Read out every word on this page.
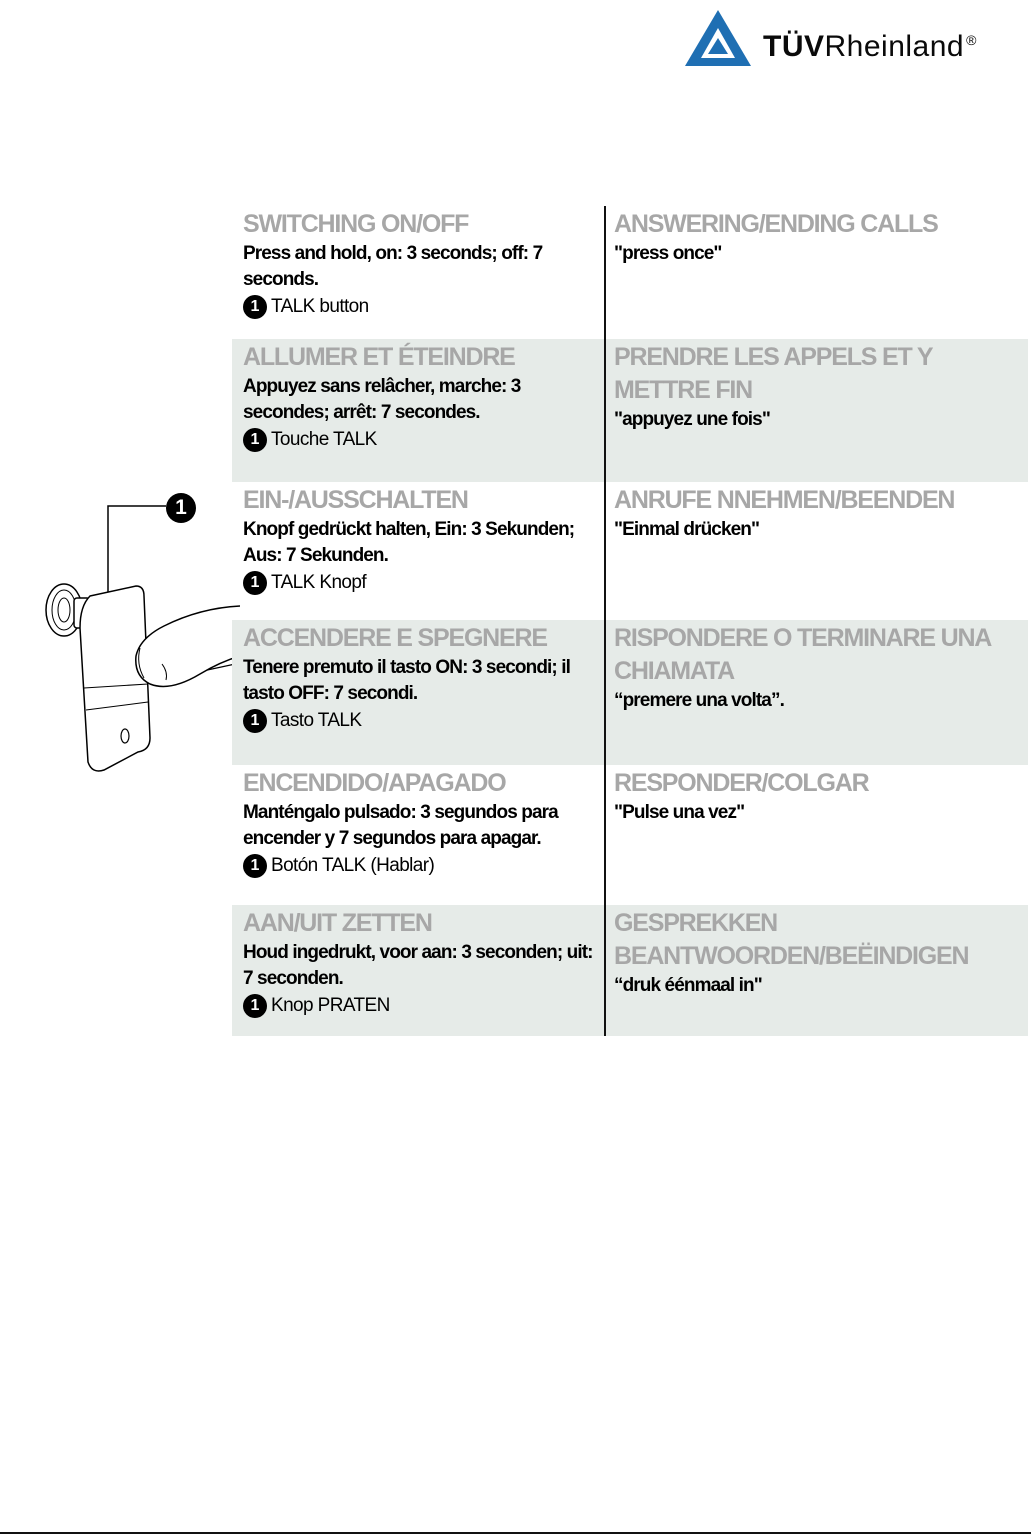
TÜVRheinland ®
1
SWITCHING ON/OFF
Press and hold, on: 3 seconds; off: 7 seconds.
1 TALK button
ANSWERING/ENDING CALLS
"press once"
ALLUMER ET ÉTEINDRE
Appuyez sans relâcher, marche: 3 secondes; arrêt: 7 secondes.
1 Touche TALK
PRENDRE LES APPELS ET Y METTRE FIN
"appuyez une fois"
EIN-/AUSSCHALTEN
Knopf gedrückt halten, Ein: 3 Sekunden; Aus: 7 Sekunden.
1 TALK Knopf
ANRUFE NNEHMEN/BEENDEN
"Einmal drücken"
ACCENDERE E SPEGNERE
Tenere premuto il tasto ON: 3 secondi; il tasto OFF: 7 secondi.
1 Tasto TALK
RISPONDERE O TERMINARE UNA CHIAMATA
“premere una volta”.
ENCENDIDO/APAGADO
Manténgalo pulsado: 3 segundos para encender y 7 segundos para apagar.
1 Botón TALK (Hablar)
RESPONDER/COLGAR
"Pulse una vez"
AAN/UIT ZETTEN
Houd ingedrukt, voor aan: 3 seconden; uit: 7 seconden.
1 Knop PRATEN
GESPREKKEN BEANTWOORDEN/BEËINDIGEN
“druk éénmaal in"
